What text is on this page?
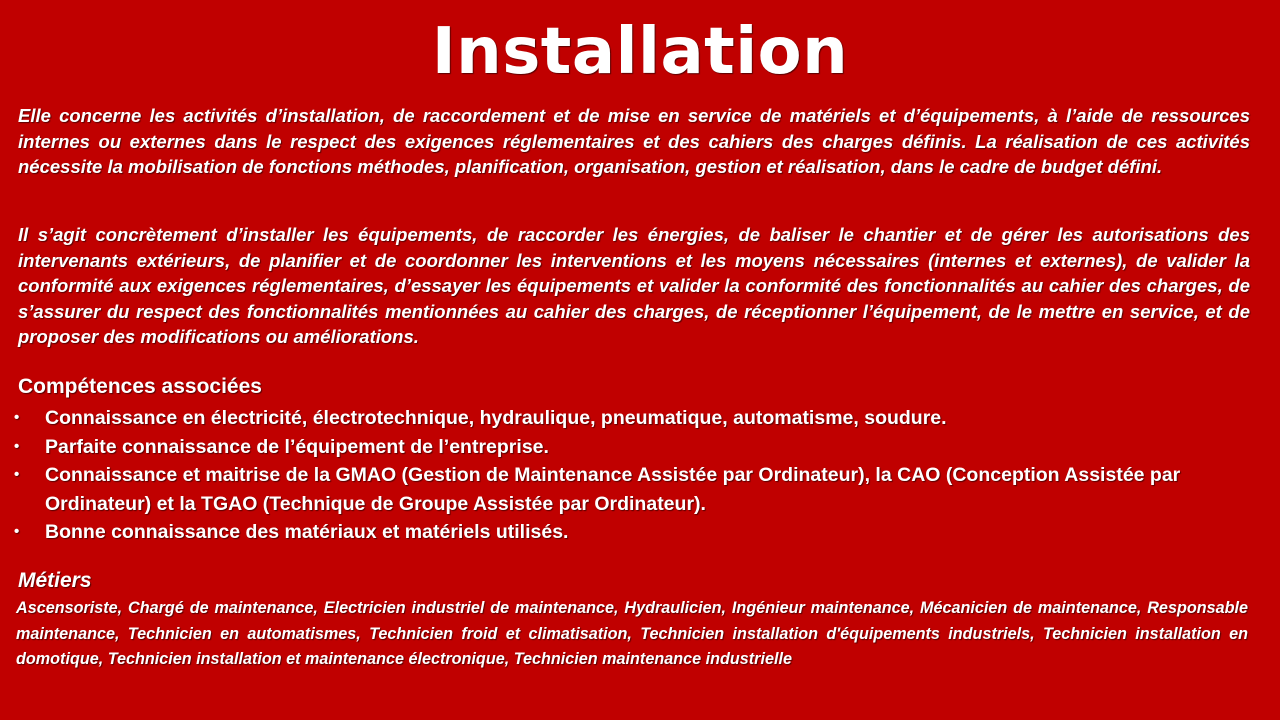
Installation

Elle concerne les activités d’installation, de raccordement et de mise en service de matériels et d’équipements, à l’aide de ressources internes ou externes dans le respect des exigences réglementaires et des cahiers des charges définis. La réalisation de ces activités nécessite la mobilisation de fonctions méthodes, planification, organisation, gestion et réalisation, dans le cadre de budget défini.

Il s’agit concrètement d’installer les équipements, de raccorder les énergies, de baliser le chantier et de gérer les autorisations des intervenants extérieurs, de planifier et de coordonner les interventions et les moyens nécessaires (internes et externes), de valider la conformité aux exigences réglementaires, d’essayer les équipements et valider la conformité des fonctionnalités au cahier des charges, de s’assurer du respect des fonctionnalités mentionnées au cahier des charges, de réceptionner l’équipement, de le mettre en service, et de proposer des modifications ou améliorations.

Compétences associées
• Connaissance en électricité, électrotechnique, hydraulique, pneumatique, automatisme, soudure.
• Parfaite connaissance de l’équipement de l’entreprise.
• Connaissance et maitrise de la GMAO (Gestion de Maintenance Assistée par Ordinateur), la CAO (Conception Assistée par Ordinateur) et la TGAO (Technique de Groupe Assistée par Ordinateur).
• Bonne connaissance des matériaux et matériels utilisés.
Métiers

Ascensoriste, Chargé de maintenance, Electricien industriel de maintenance, Hydraulicien, Ingénieur maintenance, Mécanicien de maintenance, Responsable maintenance, Technicien en automatismes, Technicien froid et climatisation, Technicien installation d'équipements industriels, Technicien installation en domotique, Technicien installation et maintenance électronique, Technicien maintenance industrielle
